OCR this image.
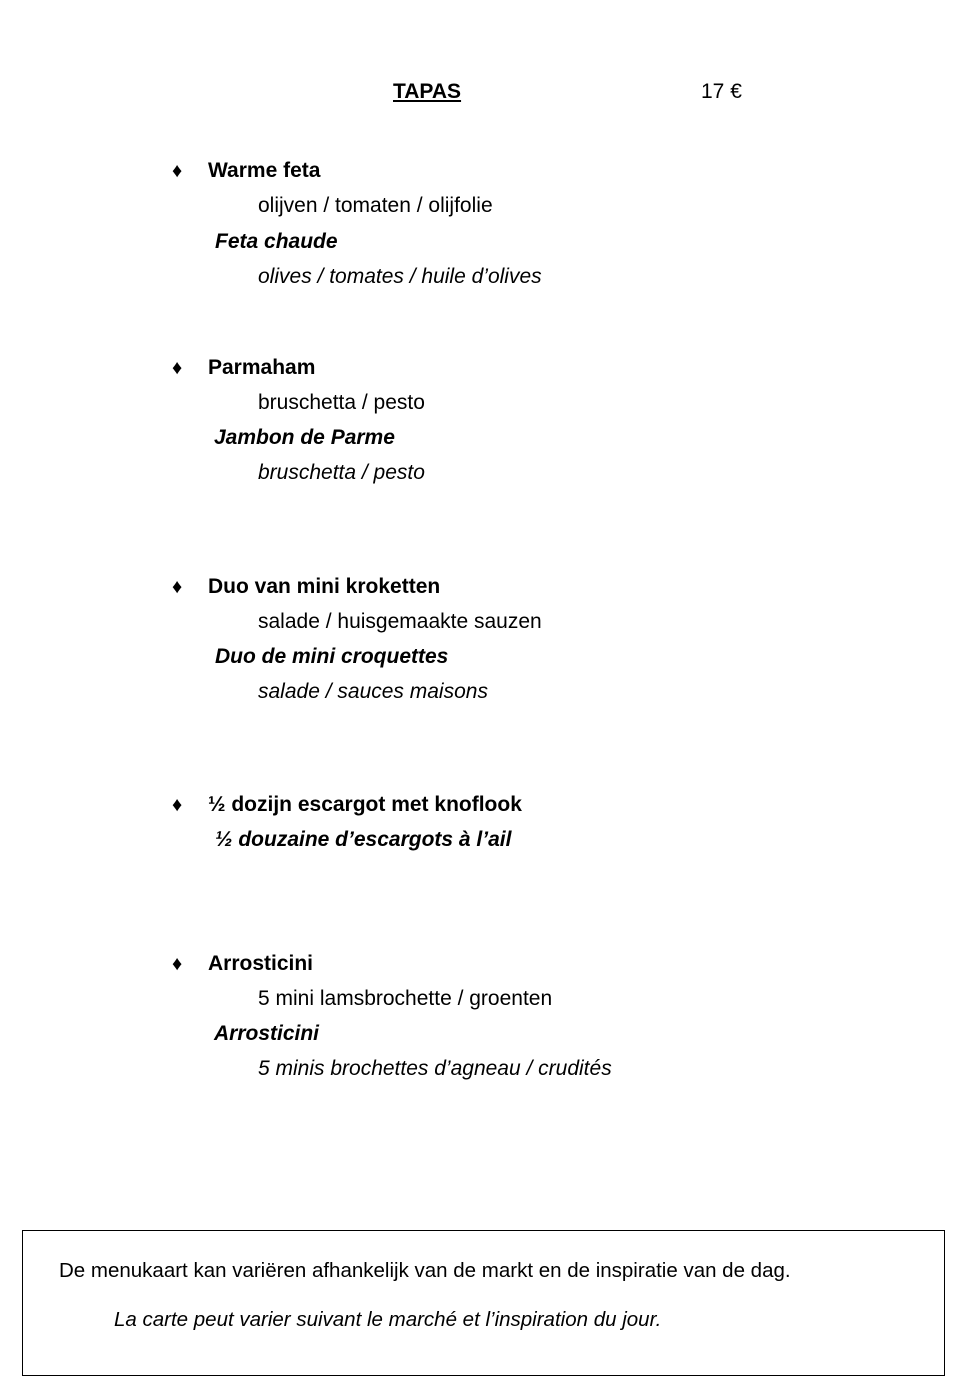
TAPAS	17 €
♦ Warme feta
olijven / tomaten / olijfolie
Feta chaude
olives / tomates / huile d’olives
♦ Parmaham
bruschetta / pesto
Jambon de Parme
bruschetta / pesto
♦ Duo van mini kroketten
salade / huisgemaakte sauzen
Duo de mini croquettes
salade / sauces maisons
♦ ½ dozijn escargot met knoflook
½ douzaine d’escargots à l’ail
♦ Arrosticini
5 mini lamsbrochette / groenten
Arrosticini
5 minis brochettes d’agneau / crudités
De menukaart kan variëren afhankelijk van de markt en de inspiratie van de dag.
La carte peut varier suivant le marché et l’inspiration du jour.
